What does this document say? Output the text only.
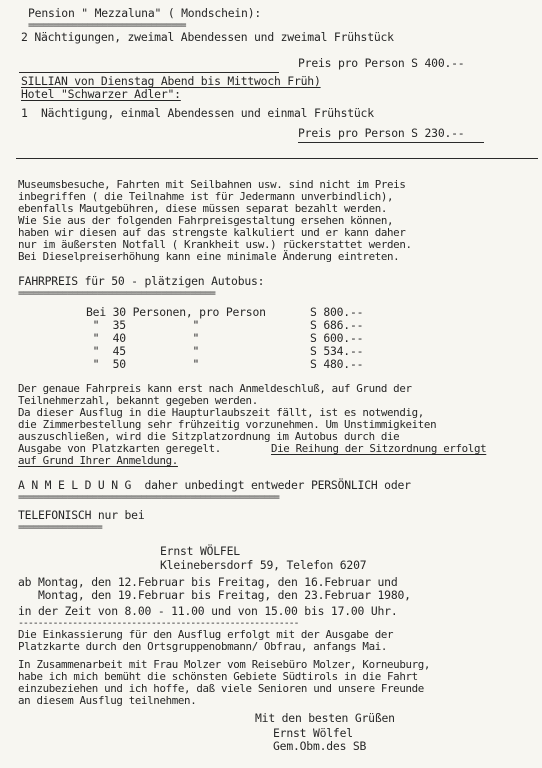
Pension " Mezzaluna" ( Mondschein):
================================
2 Nächtigungen, zweimal Abendessen und zweimal Frühstück
Preis pro Person S 400.--
SILLIAN von Dienstag Abend bis Mittwoch Früh)
Hotel "Schwarzer Adler":
1  Nächtigung, einmal Abendessen und einmal Frühstück
Preis pro Person S 230.--
Museumsbesuche, Fahrten mit Seilbahnen usw. sind nicht im Preis
inbegriffen ( die Teilnahme ist für Jedermann unverbindlich),
ebenfalls Mautgebühren, diese müssen separat bezahlt werden.
Wie Sie aus der folgenden Fahrpreisgestaltung ersehen können,
haben wir diesen auf das strengste kalkuliert und er kann daher
nur im äußersten Notfall ( Krankheit usw.) rückerstattet werden.
Bei Dieselpreiserhöhung kann eine minimale Änderung eintreten.
FAHRPREIS für 50 - plätzigen Autobus:
========================================
Bei 30 Personen, pro Person	S 800.--
"  35          "	S 686.--
"  40          "	S 600.--
"  45          "	S 534.--
"  50          "	S 480.--
Der genaue Fahrpreis kann erst nach Anmeldeschluß, auf Grund der
Teilnehmerzahl, bekannt gegeben werden.
Da dieser Ausflug in die Haupturlaubszeit fällt, ist es notwendig,
die Zimmerbestellung sehr frühzeitig vorzunehmen. Um Unstimmigkeiten
auszuschließen, wird die Sitzplatzordnung im Autobus durch die
Ausgabe von Platzkarten geregelt.	Die Reihung der Sitzordnung erfolgt
auf Grund Ihrer Anmeldung.
A N M E L D U N G  daher unbedingt entweder PERSÖNLICH oder
=====================================================
TELEFONISCH nur bei
=================
Ernst WÖLFEL
Kleinebersdorf 59, Telefon 6207
ab Montag, den 12.Februar bis Freitag, den 16.Februar und
Montag, den 19.Februar bis Freitag, den 23.Februar 1980,
in der Zeit von 8.00 - 11.00 und von 15.00 bis 17.00 Uhr.
---------------------------------------------------------
Die Einkassierung für den Ausflug erfolgt mit der Ausgabe der
Platzkarte durch den Ortsgruppenobmann/ Obfrau, anfangs Mai.
In Zusammenarbeit mit Frau Molzer vom Reisebüro Molzer, Korneuburg,
habe ich mich bemüht die schönsten Gebiete Südtirols in die Fahrt
einzubeziehen und ich hoffe, daß viele Senioren und unsere Freunde
an diesem Ausflug teilnehmen.
Mit den besten Grüßen
Ernst Wölfel
Gem.Obm.des SB
